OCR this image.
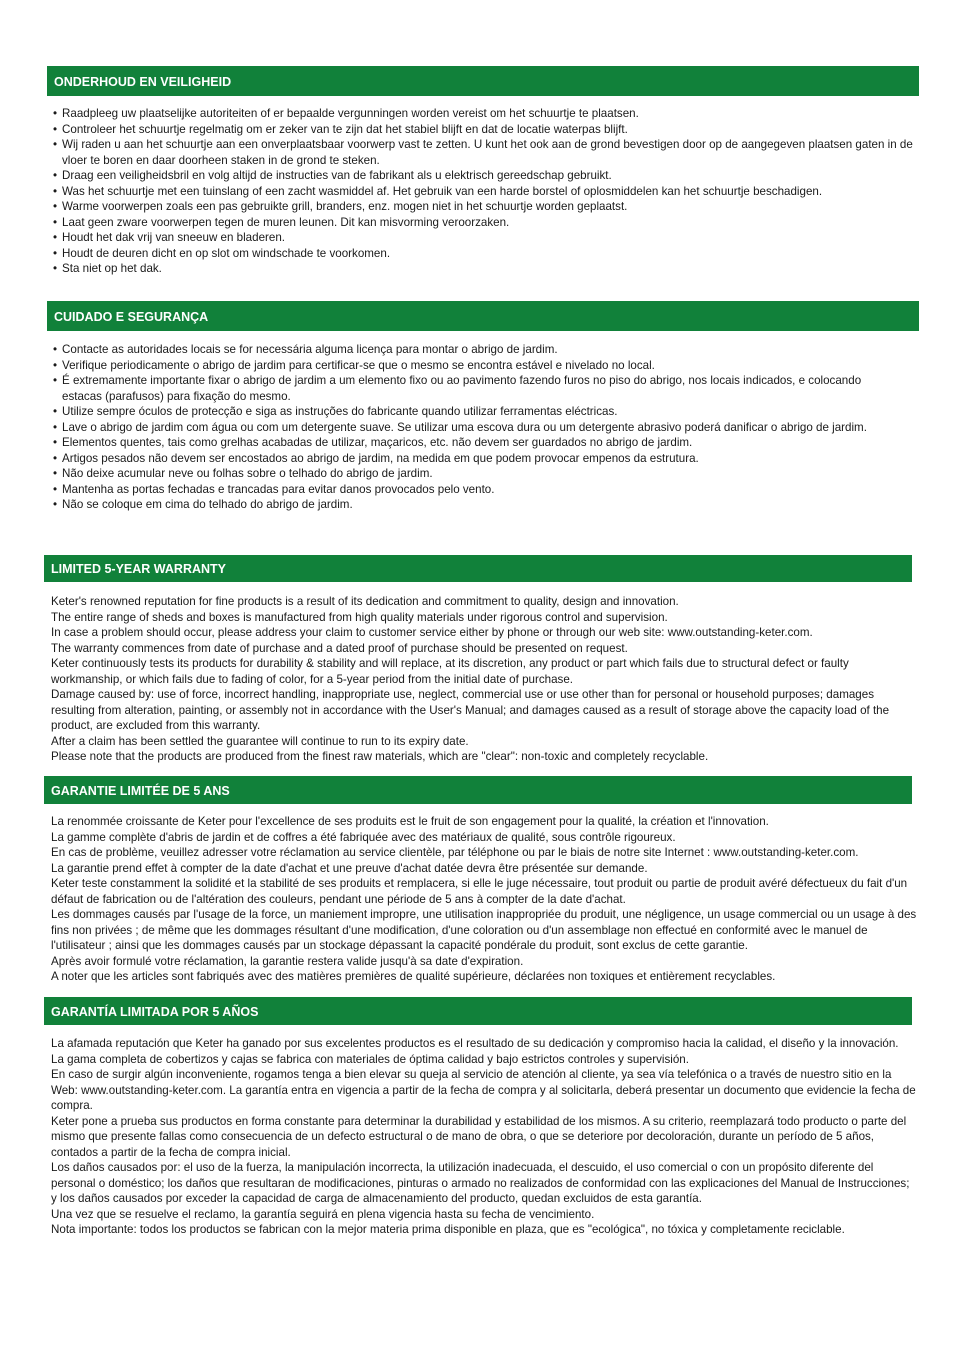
ONDERHOUD EN VEILIGHEID
• Raadpleeg uw plaatselijke autoriteiten of er bepaalde vergunningen worden vereist om het schuurtje te plaatsen.
• Controleer het schuurtje regelmatig om er zeker van te zijn dat het stabiel blijft en dat de locatie waterpas blijft.
• Wij raden u aan het schuurtje aan een onverplaatsbaar voorwerp vast te zetten. U kunt het ook aan de grond bevestigen door op de aangegeven plaatsen gaten in de vloer te boren en daar doorheen staken in de grond te steken.
• Draag een veiligheidsbril en volg altijd de instructies van de fabrikant als u elektrisch gereedschap gebruikt.
• Was het schuurtje met een tuinslang of een zacht wasmiddel af. Het gebruik van een harde borstel of oplosmiddelen kan het schuurtje beschadigen.
• Warme voorwerpen zoals een pas gebruikte grill, branders, enz. mogen niet in het schuurtje worden geplaatst.
• Laat geen zware voorwerpen tegen de muren leunen. Dit kan misvorming veroorzaken.
• Houdt het dak vrij van sneeuw en bladeren.
• Houdt de deuren dicht en op slot om windschade te voorkomen.
• Sta niet op het dak.
CUIDADO E SEGURANÇA
• Contacte as autoridades locais se for necessária alguma licença para montar o abrigo de jardim.
• Verifique periodicamente o abrigo de jardim para certificar-se que o mesmo se encontra estável e nivelado no local.
• É extremamente importante fixar o abrigo de jardim a um elemento fixo ou ao pavimento fazendo furos no piso do abrigo, nos locais indicados, e colocando estacas (parafusos) para fixação do mesmo.
• Utilize sempre óculos de protecção e siga as instruções do fabricante quando utilizar ferramentas eléctricas.
• Lave o abrigo de jardim com água ou com um detergente suave. Se utilizar uma escova dura ou um detergente abrasivo poderá danificar o abrigo de jardim.
• Elementos quentes, tais como grelhas acabadas de utilizar, maçaricos, etc. não devem ser guardados no abrigo de jardim.
• Artigos pesados não devem ser encostados ao abrigo de jardim, na medida em que podem provocar empenos da estrutura.
• Não deixe acumular neve ou folhas sobre o telhado do abrigo de jardim.
• Mantenha as portas fechadas e trancadas para evitar danos provocados pelo vento.
• Não se coloque em cima do telhado do abrigo de jardim.
LIMITED 5-YEAR WARRANTY

Keter's renowned reputation for fine products is a result of its dedication and commitment to quality, design and innovation.

The entire range of sheds and boxes is manufactured from high quality materials under rigorous control and supervision.

In case a problem should occur, please address your claim to customer service either by phone or through our web site: www.outstanding-keter.com.

The warranty commences from date of purchase and a dated proof of purchase should be presented on request.

Keter continuously tests its products for durability & stability and will replace, at its discretion, any product or part which fails due to structural defect or faulty workmanship, or which fails due to fading of color, for a 5-year period from the initial date of purchase.

Damage caused by: use of force, incorrect handling, inappropriate use, neglect, commercial use or use other than for personal or household purposes; damages resulting from alteration, painting, or assembly not in accordance with the User's Manual; and damages caused as a result of storage above the capacity load of the product, are excluded from this warranty.

After a claim has been settled the guarantee will continue to run to its expiry date.

Please note that the products are produced from the finest raw materials, which are "clear": non-toxic and completely recyclable.

GARANTIE LIMITÉE DE 5 ANS

La renommée croissante de Keter pour l'excellence de ses produits est le fruit de son engagement pour la qualité, la création et l'innovation.

La gamme complète d'abris de jardin et de coffres a été fabriquée avec des matériaux de qualité, sous contrôle rigoureux.

En cas de problème, veuillez adresser votre réclamation au service clientèle, par téléphone ou par le biais de notre site Internet : www.outstanding-keter.com.

La garantie prend effet à compter de la date d'achat et une preuve d'achat datée devra être présentée sur demande.

Keter teste constamment la solidité et la stabilité de ses produits et remplacera, si elle le juge nécessaire, tout produit ou partie de produit avéré défectueux du fait d'un défaut de fabrication ou de l'altération des couleurs, pendant une période de 5 ans à compter de la date d'achat.

Les dommages causés par l'usage de la force, un maniement impropre, une utilisation inappropriée du produit, une négligence, un usage commercial ou un usage à des fins non privées ; de même que les dommages résultant d'une modification, d'une coloration ou d'un assemblage non effectué en conformité avec le manuel de l'utilisateur ; ainsi que les dommages causés par un stockage dépassant la capacité pondérale du produit, sont exclus de cette garantie.

Après avoir formulé votre réclamation, la garantie restera valide jusqu'à sa date d'expiration.

A noter que les articles sont fabriqués avec des matières premières de qualité supérieure, déclarées non toxiques et entièrement recyclables.

GARANTÍA LIMITADA POR 5 AÑOS

La afamada reputación que Keter ha ganado por sus excelentes productos es el resultado de su dedicación y compromiso hacia la calidad, el diseño y la innovación.

La gama completa de cobertizos y cajas se fabrica con materiales de óptima calidad y bajo estrictos controles y supervisión.

En caso de surgir algún inconveniente, rogamos tenga a bien elevar su queja al servicio de atención al cliente, ya sea vía telefónica o a través de nuestro sitio en la Web: www.outstanding-keter.com. La garantía entra en vigencia a partir de la fecha de compra y al solicitarla, deberá presentar un documento que evidencie la fecha de compra.

Keter pone a prueba sus productos en forma constante para determinar la durabilidad y estabilidad de los mismos. A su criterio, reemplazará todo producto o parte del mismo que presente fallas como consecuencia de un defecto estructural o de mano de obra, o que se deteriore por decoloración, durante un período de 5 años, contados a partir de la fecha de compra inicial.

Los daños causados por: el uso de la fuerza, la manipulación incorrecta, la utilización inadecuada, el descuido, el uso comercial o con un propósito diferente del personal o doméstico; los daños que resultaran de modificaciones, pinturas o armado no realizados de conformidad con las explicaciones del Manual de Instrucciones; y los daños causados por exceder la capacidad de carga de almacenamiento del producto, quedan excluidos de esta garantía.

Una vez que se resuelve el reclamo, la garantía seguirá en plena vigencia hasta su fecha de vencimiento.

Nota importante: todos los productos se fabrican con la mejor materia prima disponible en plaza, que es "ecológica", no tóxica y completamente reciclable.
